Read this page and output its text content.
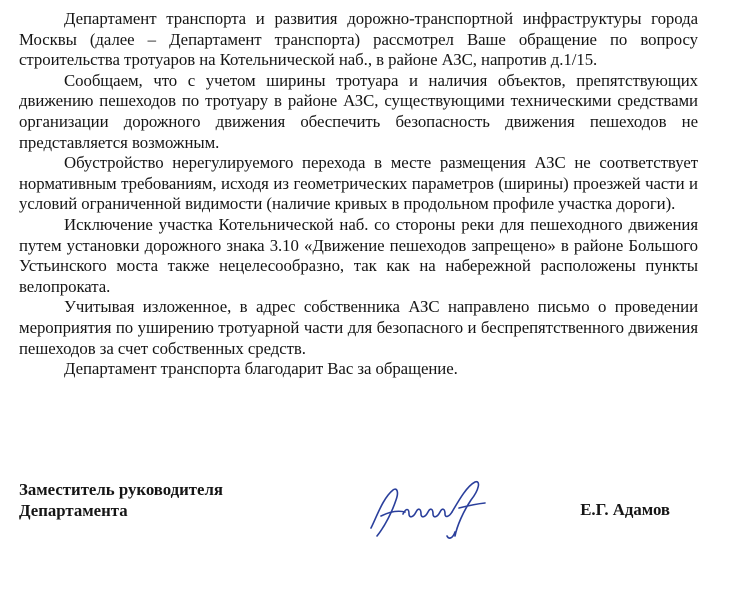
Департамент транспорта и развития дорожно-транспортной инфраструктуры города Москвы (далее – Департамент транспорта) рассмотрел Ваше обращение по вопросу строительства тротуаров на Котельнической наб., в районе АЗС, напротив д.1/15.

Сообщаем, что с учетом ширины тротуара и наличия объектов, препятствующих движению пешеходов по тротуару в районе АЗС, существующими техническими средствами организации дорожного движения обеспечить безопасность движения пешеходов не представляется возможным.

Обустройство нерегулируемого перехода в месте размещения АЗС не соответствует нормативным требованиям, исходя из геометрических параметров (ширины) проезжей части и условий ограниченной видимости (наличие кривых в продольном профиле участка дороги).

Исключение участка Котельнической наб. со стороны реки для пешеходного движения путем установки дорожного знака 3.10 «Движение пешеходов запрещено» в районе Большого Устьинского моста также нецелесообразно, так как на набережной расположены пункты велопроката.

Учитывая изложенное, в адрес собственника АЗС направлено письмо о проведении мероприятия по уширению тротуарной части для безопасного и беспрепятственного движения пешеходов за счет собственных средств.

Департамент транспорта благодарит Вас за обращение.

Заместитель руководителя
Департамента	Е.Г. Адамов
